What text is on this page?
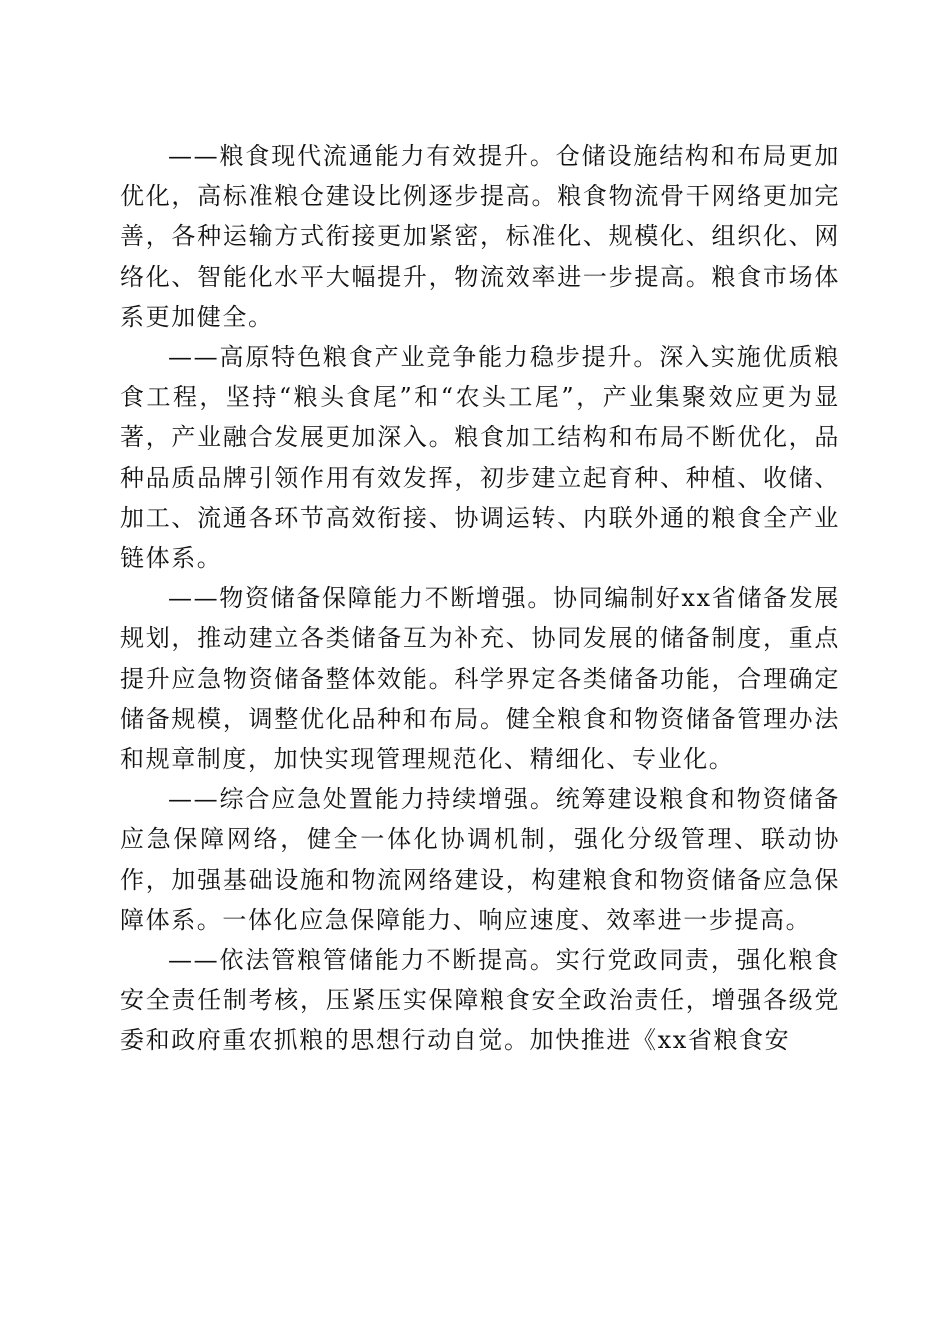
——粮食现代流通能力有效提升。仓储设施结构和布局更加优化，高标准粮仓建设比例逐步提高。粮食物流骨干网络更加完善，各种运输方式衔接更加紧密，标准化、规模化、组织化、网络化、智能化水平大幅提升，物流效率进一步提高。粮食市场体系更加健全。

——高原特色粮食产业竞争能力稳步提升。深入实施优质粮食工程，坚持“粮头食尾”和“农头工尾”，产业集聚效应更为显著，产业融合发展更加深入。粮食加工结构和布局不断优化，品种品质品牌引领作用有效发挥，初步建立起育种、种植、收储、加工、流通各环节高效衔接、协调运转、内联外通的粮食全产业链体系。

——物资储备保障能力不断增强。协同编制好xx省储备发展规划，推动建立各类储备互为补充、协同发展的储备制度，重点提升应急物资储备整体效能。科学界定各类储备功能，合理确定储备规模，调整优化品种和布局。健全粮食和物资储备管理办法和规章制度，加快实现管理规范化、精细化、专业化。

——综合应急处置能力持续增强。统筹建设粮食和物资储备应急保障网络，健全一体化协调机制，强化分级管理、联动协作，加强基础设施和物流网络建设，构建粮食和物资储备应急保障体系。一体化应急保障能力、响应速度、效率进一步提高。

——依法管粮管储能力不断提高。实行党政同责，强化粮食安全责任制考核，压紧压实保障粮食安全政治责任，增强各级党委和政府重农抓粮的思想行动自觉。加快推进《xx省粮食安
